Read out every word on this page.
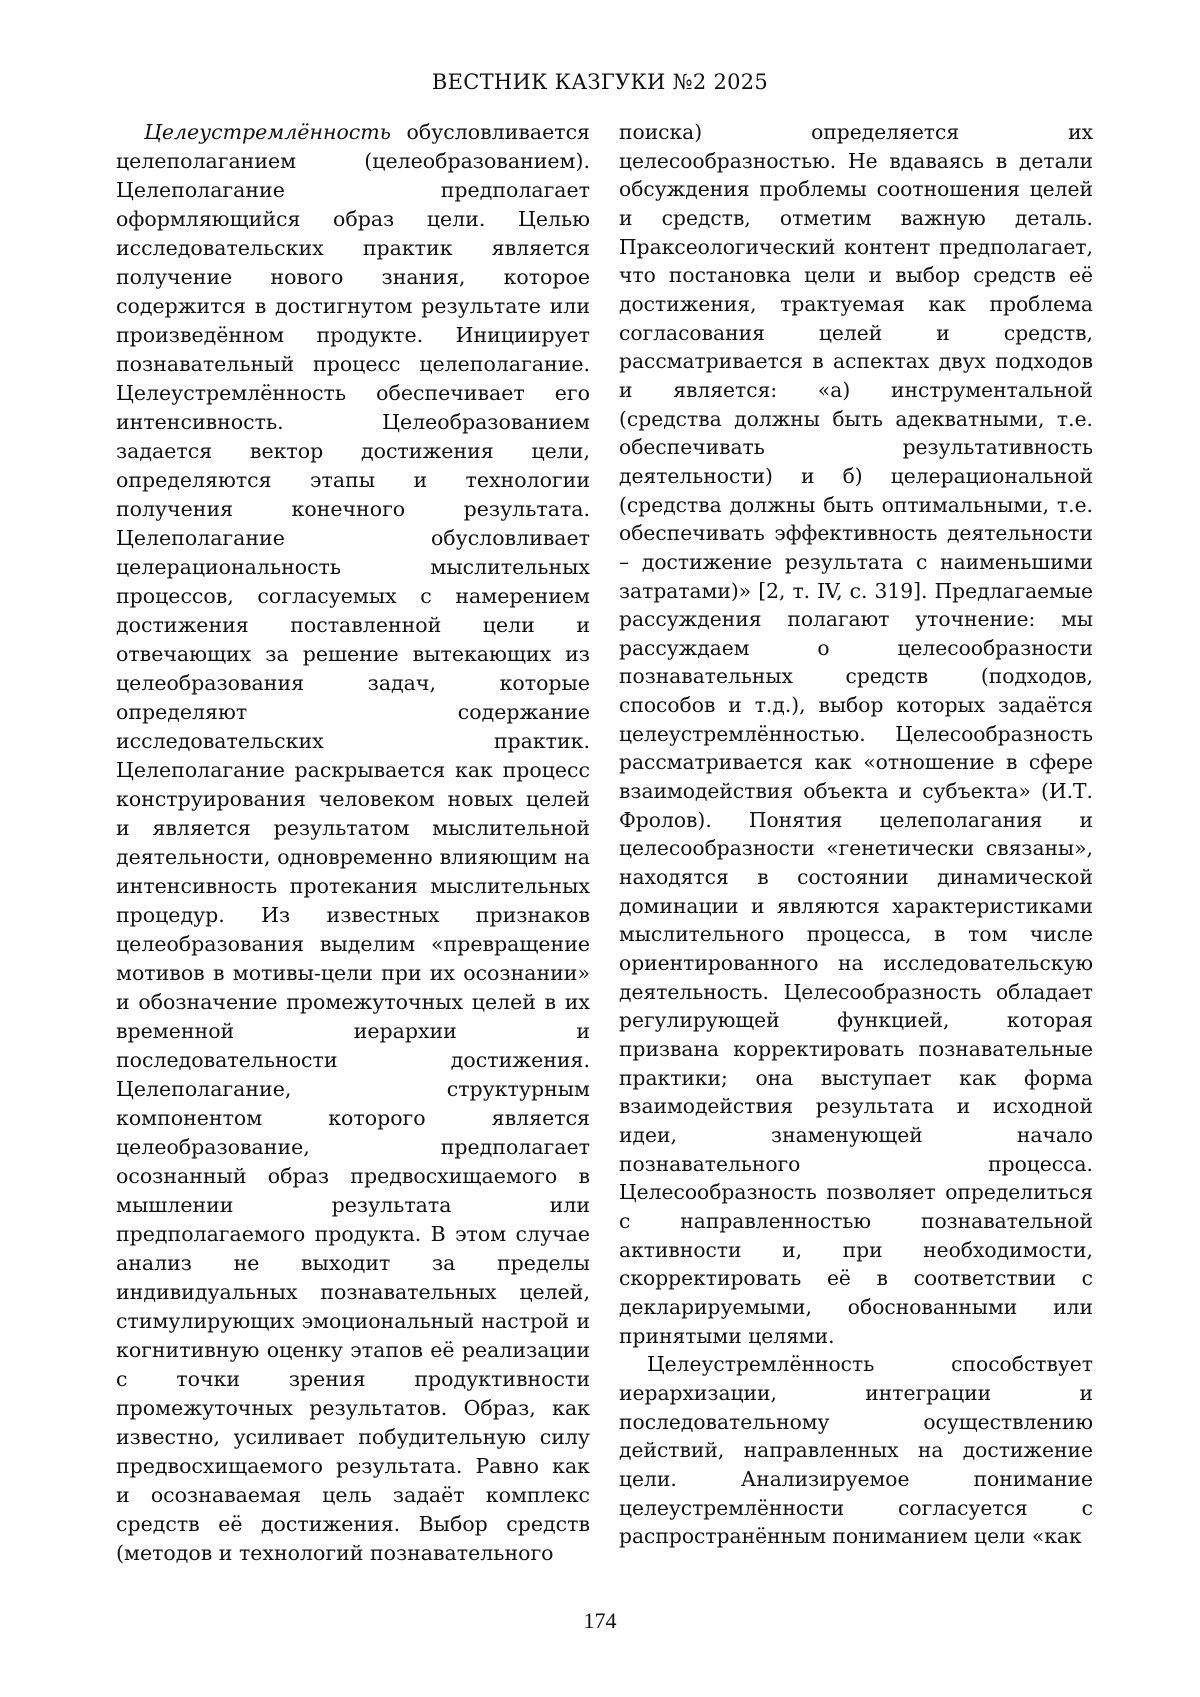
ВЕСТНИК КАЗГУКИ №2 2025

Целеустремлённость обусловливается целеполаганием (целеобразованием). Целеполагание предполагает оформляющийся образ цели. Целью исследовательских практик является получение нового знания, которое содержится в достигнутом результате или произведённом продукте. Инициирует познавательный процесс целеполагание. Целеустремлённость обеспечивает его интенсивность. Целеобразованием задается вектор достижения цели, определяются этапы и технологии получения конечного результата. Целеполагание обусловливает целерациональность мыслительных процессов, согласуемых с намерением достижения поставленной цели и отвечающих за решение вытекающих из целеобразования задач, которые определяют содержание исследовательских практик. Целеполагание раскрывается как процесс конструирования человеком новых целей и является результатом мыслительной деятельности, одновременно влияющим на интенсивность протекания мыслительных процедур. Из известных признаков целеобразования выделим «превращение мотивов в мотивы-цели при их осознании» и обозначение промежуточных целей в их временной иерархии и последовательности достижения. Целеполагание, структурным компонентом которого является целеобразование, предполагает осознанный образ предвосхищаемого в мышлении результата или предполагаемого продукта. В этом случае анализ не выходит за пределы индивидуальных познавательных целей, стимулирующих эмоциональный настрой и когнитивную оценку этапов её реализации с точки зрения продуктивности промежуточных результатов. Образ, как известно, усиливает побудительную силу предвосхищаемого результата. Равно как и осознаваемая цель задаёт комплекс средств её достижения. Выбор средств (методов и технологий познавательного

поиска) определяется их целесообразностью. Не вдаваясь в детали обсуждения проблемы соотношения целей и средств, отметим важную деталь. Праксеологический контент предполагает, что постановка цели и выбор средств её достижения, трактуемая как проблема согласования целей и средств, рассматривается в аспектах двух подходов и является: «а) инструментальной (средства должны быть адекватными, т.е. обеспечивать результативность деятельности) и б) целерациональной (средства должны быть оптимальными, т.е. обеспечивать эффективность деятельности – достижение результата с наименьшими затратами)» [2, т. IV, с. 319]. Предлагаемые рассуждения полагают уточнение: мы рассуждаем о целесообразности познавательных средств (подходов, способов и т.д.), выбор которых задаётся целеустремлённостью. Целесообразность рассматривается как «отношение в сфере взаимодействия объекта и субъекта» (И.Т. Фролов). Понятия целеполагания и целесообразности «генетически связаны», находятся в состоянии динамической доминации и являются характеристиками мыслительного процесса, в том числе ориентированного на исследовательскую деятельность. Целесообразность обладает регулирующей функцией, которая призвана корректировать познавательные практики; она выступает как форма взаимодействия результата и исходной идеи, знаменующей начало познавательного процесса. Целесообразность позволяет определиться с направленностью познавательной активности и, при необходимости, скорректировать её в соответствии с декларируемыми, обоснованными или принятыми целями.

Целеустремлённость способствует иерархизации, интеграции и последовательному осуществлению действий, направленных на достижение цели. Анализируемое понимание целеустремлённости согласуется с распространённым пониманием цели «как

174
